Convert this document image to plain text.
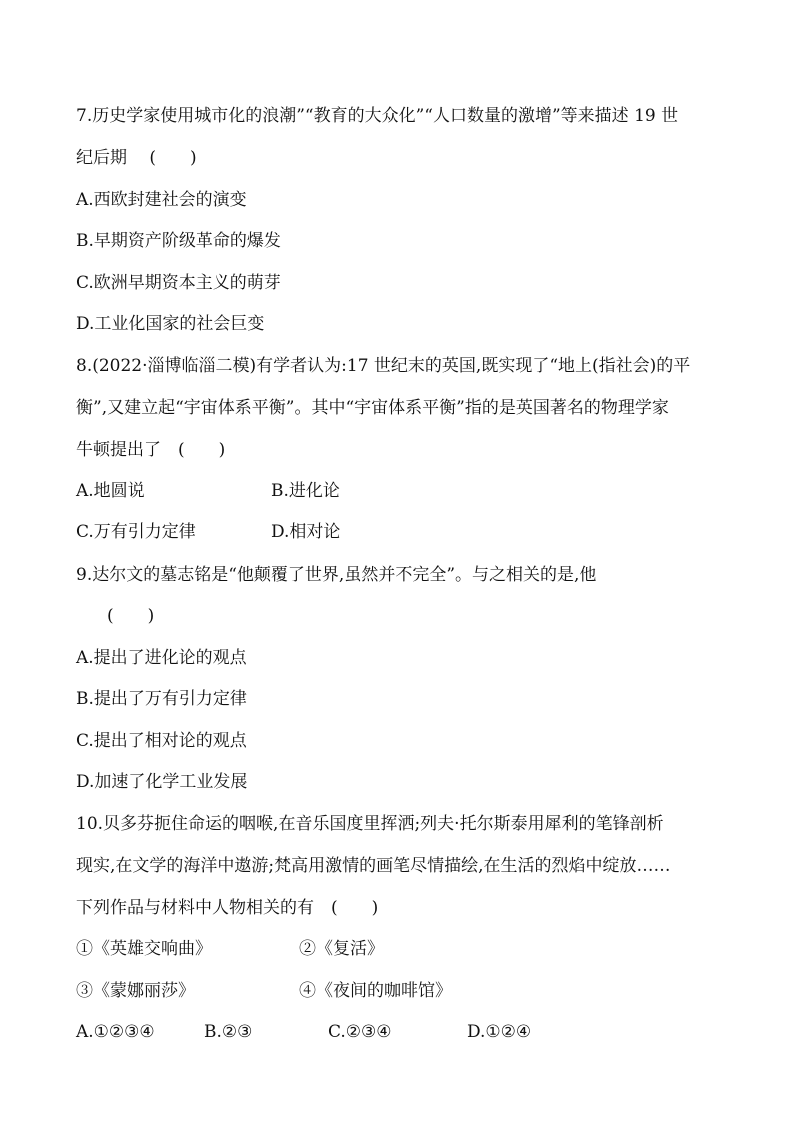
7.历史学家使用城市化的浪潮”“教育的大众化”“人口数量的激增”等来描述 19 世
纪后期　 (　　)
A.西欧封建社会的演变
B.早期资产阶级革命的爆发
C.欧洲早期资本主义的萌芽
D.工业化国家的社会巨变
8.(2022·淄博临淄二模)有学者认为:17 世纪末的英国,既实现了“地上(指社会)的平
衡”,又建立起“宇宙体系平衡”。其中“宇宙体系平衡”指的是英国著名的物理学家
牛顿提出了　(　　)
A.地圆说	B.进化论
C.万有引力定律	D.相对论
9.达尔文的墓志铭是“他颠覆了世界,虽然并不完全”。与之相关的是,他
　(　　)
A.提出了进化论的观点
B.提出了万有引力定律
C.提出了相对论的观点
D.加速了化学工业发展
10.贝多芬扼住命运的咽喉,在音乐国度里挥洒;列夫·托尔斯泰用犀利的笔锋剖析
现实,在文学的海洋中遨游;梵高用激情的画笔尽情描绘,在生活的烈焰中绽放……
下列作品与材料中人物相关的有　(　　)
①《英雄交响曲》	②《复活》
③《蒙娜丽莎》	④《夜间的咖啡馆》
A.①②③④	B.②③	C.②③④	D.①②④
